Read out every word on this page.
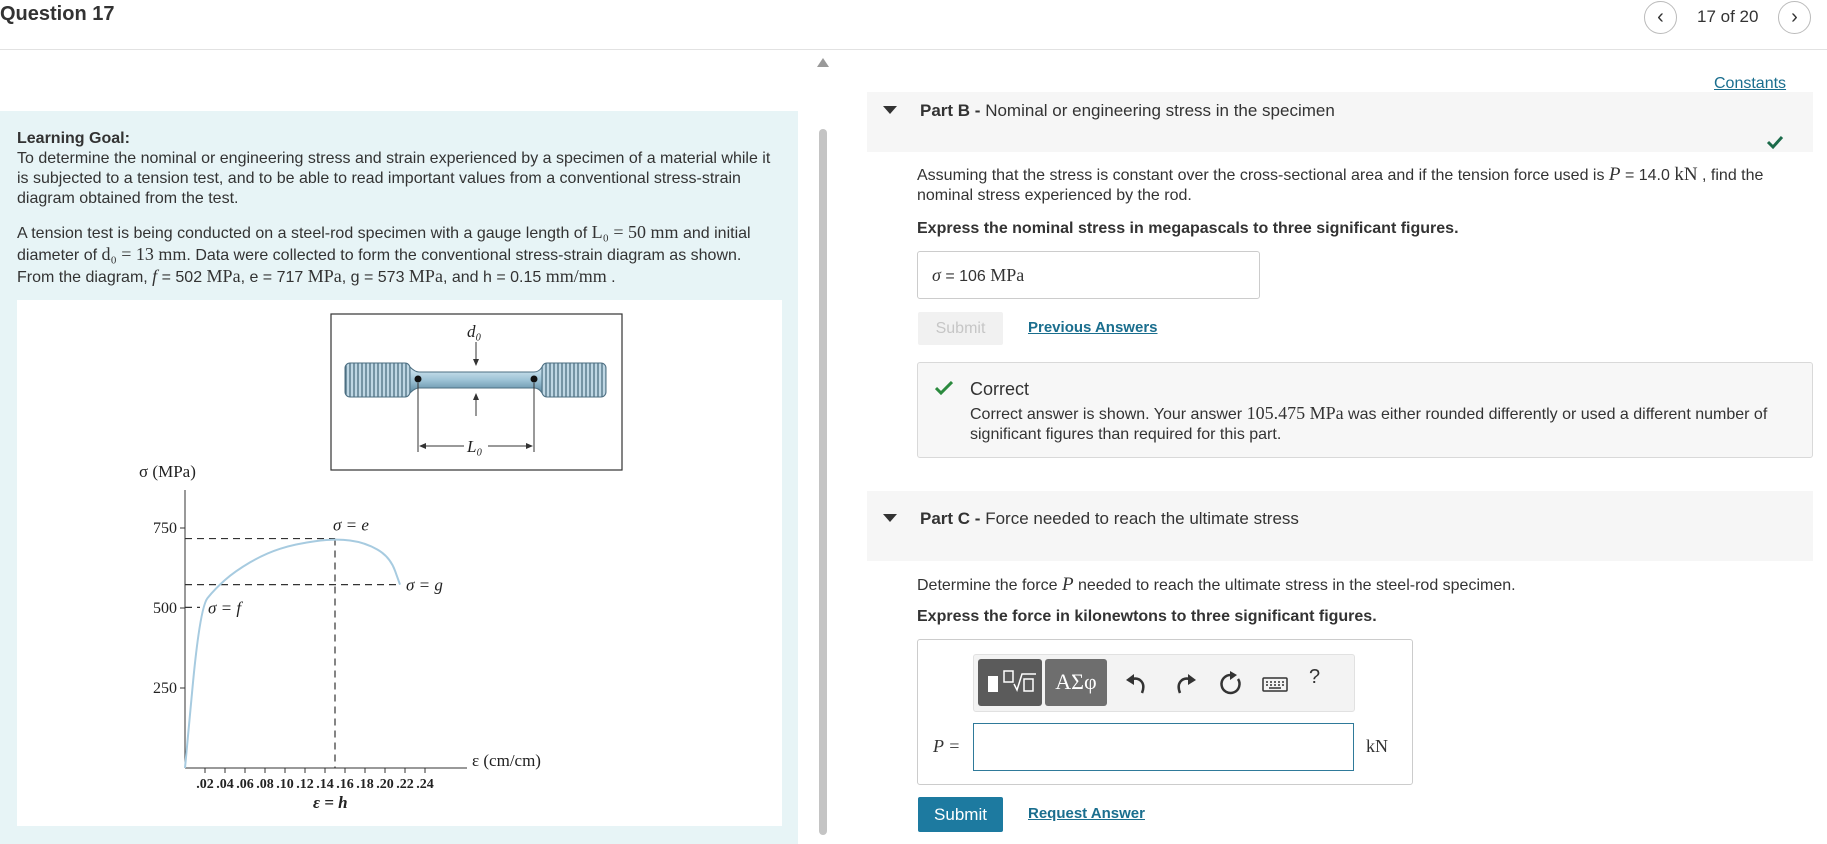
Question 17	‹	17 of 20	›

Learning Goal:
To determine the nominal or engineering stress and strain experienced by a specimen of a material while it is subjected to a tension test, and to be able to read important values from a conventional stress-strain diagram obtained from the test.

A tension test is being conducted on a steel-rod specimen with a gauge length of L₀ = 50 mm and initial diameter of d₀ = 13 mm. Data were collected to form the conventional stress-strain diagram as shown. From the diagram, f = 502 MPa, e = 717 MPa, g = 573 MPa, and h = 0.15 mm/mm .

L₀
d₀
σ (MPa)
ε (cm/cm)
250
500
750
.02 .04 .06 .08 .10 .12 .14 .16 .18 .20 .22 .24
σ = e
σ = g
σ = f
ε = h
Constants
Part B - Nominal or engineering stress in the specimen
Assuming that the stress is constant over the cross-sectional area and if the tension force used is P = 14.0 kN , find the nominal stress experienced by the rod.
Express the nominal stress in megapascals to three significant figures.
σ = 106 MPa
Submit	Previous Answers
Correct
Correct answer is shown. Your answer 105.475 MPa was either rounded differently or used a different number of significant figures than required for this part.
Part C - Force needed to reach the ultimate stress
Determine the force P needed to reach the ultimate stress in the steel-rod specimen.
Express the force in kilonewtons to three significant figures.
ΑΣφ	?
P =	kN
Submit	Request Answer
